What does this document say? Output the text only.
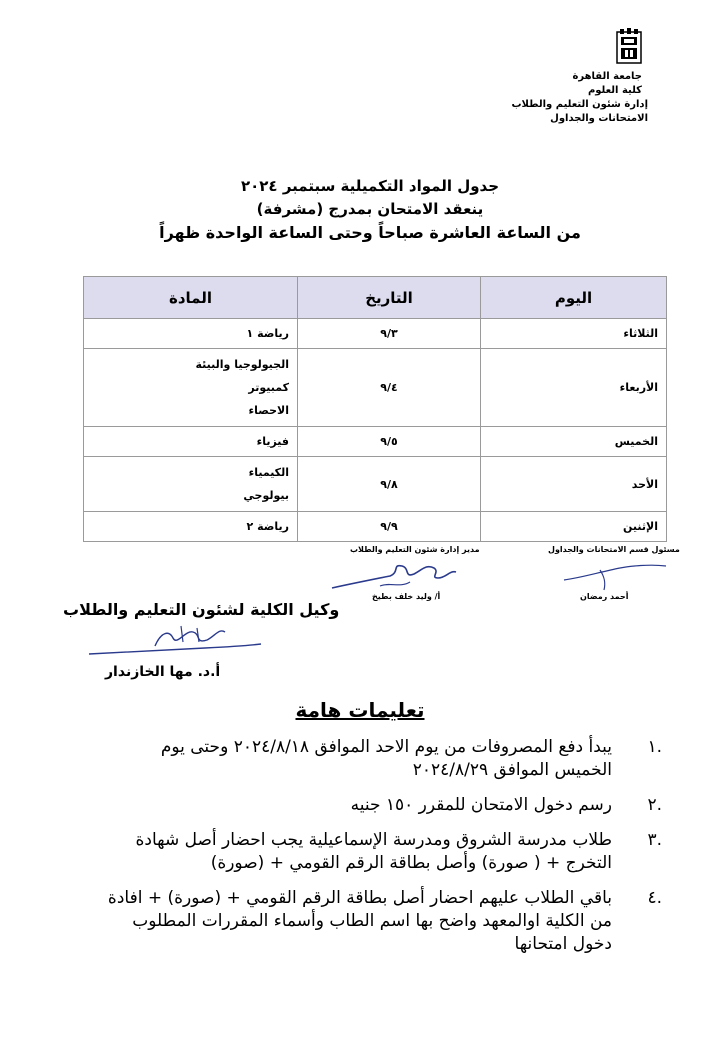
جامعة القاهرة
كلية العلوم
إدارة شئون التعليم والطلاب
الامتحانات والجداول
جدول المواد التكميلية سبتمبر ٢٠٢٤
ينعقد الامتحان بمدرج (مشرفة)
من الساعة العاشرة صباحاً وحتى الساعة الواحدة ظهراً
اليوم	التاريخ	المادة
الثلاثاء	٩/٣	رياضة ١

الأربعاء	٩/٤	الجيولوجيا والبيئة
كمبيوتر
الاحصاء

الخميس	٩/٥	فيزياء

الأحد	٩/٨	الكيمياء
بيولوجي

الإثنين	٩/٩	رياضة ٢
مسئول قسم الامتحانات والجداول
مدير إدارة شئون التعليم والطلاب
أ/ وليد خلف بطيخ	أحمد رمضان
وكيل الكلية لشئون التعليم والطلاب
أ.د. مها الخازندار
تعليمات هامة
.١
يبدأ دفع المصروفات من يوم الاحد الموافق ٢٠٢٤/٨/١٨ وحتى يوم الخميس الموافق ٢٠٢٤/٨/٢٩
.٢
رسم دخول الامتحان للمقرر ١٥٠ جنيه
.٣
طلاب مدرسة الشروق ومدرسة الإسماعيلية يجب احضار أصل شهادة التخرج + ( صورة) وأصل بطاقة الرقم القومي + (صورة)
.٤
باقي الطلاب عليهم احضار أصل بطاقة الرقم القومي + (صورة) + افادة من الكلية اوالمعهد واضح بها اسم الطاب وأسماء المقررات المطلوب دخول امتحانها
